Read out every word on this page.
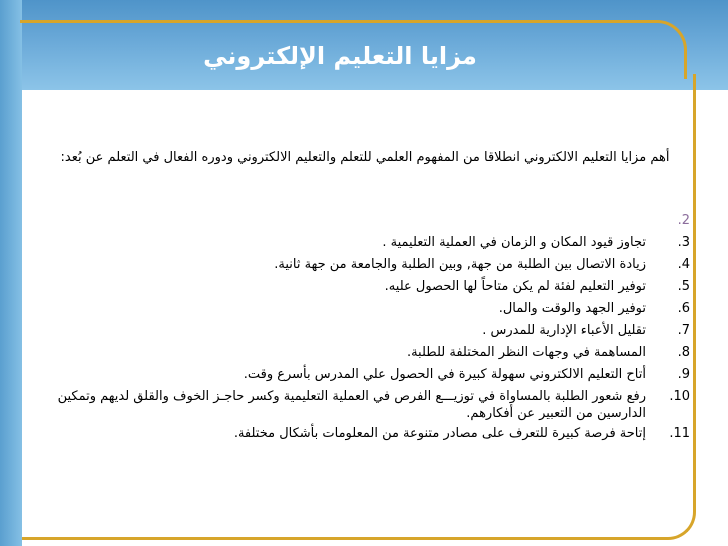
مزايا التعليم الإلكتروني
أهم مزايا التعليم الالكتروني انطلاقا من المفهوم العلمي للتعلم والتعليم الالكتروني ودوره الفعال في التعلم عن بُعد:
.2
.3
تجاوز قيود المكان و الزمان في العملية التعليمية .
.4
زيادة الاتصال بين الطلبة من جهة, وبين الطلبة والجامعة من جهة ثانية.
.5
توفير التعليم لفئة لم يكن متاحاً لها الحصول عليه.
.6
توفير الجهد والوقت والمال.
.7
تقليل الأعباء الإدارية للمدرس .
.8
المساهمة في وجهات النظر المختلفة للطلبة.
.9
أتاح التعليم الالكتروني سهولة كبيرة في الحصول علي المدرس بأسرع وقت.
.10
رفع شعور الطلبة بالمساواة في توزيـــع الفرص في العملية التعليمية وكسر حاجـز الخوف والقلق لديهم وتمكين الدارسين من التعبير عن أفكارهم.
.11
إتاحة فرصة كبيرة للتعرف على مصادر متنوعة من المعلومات بأشكال مختلفة.
